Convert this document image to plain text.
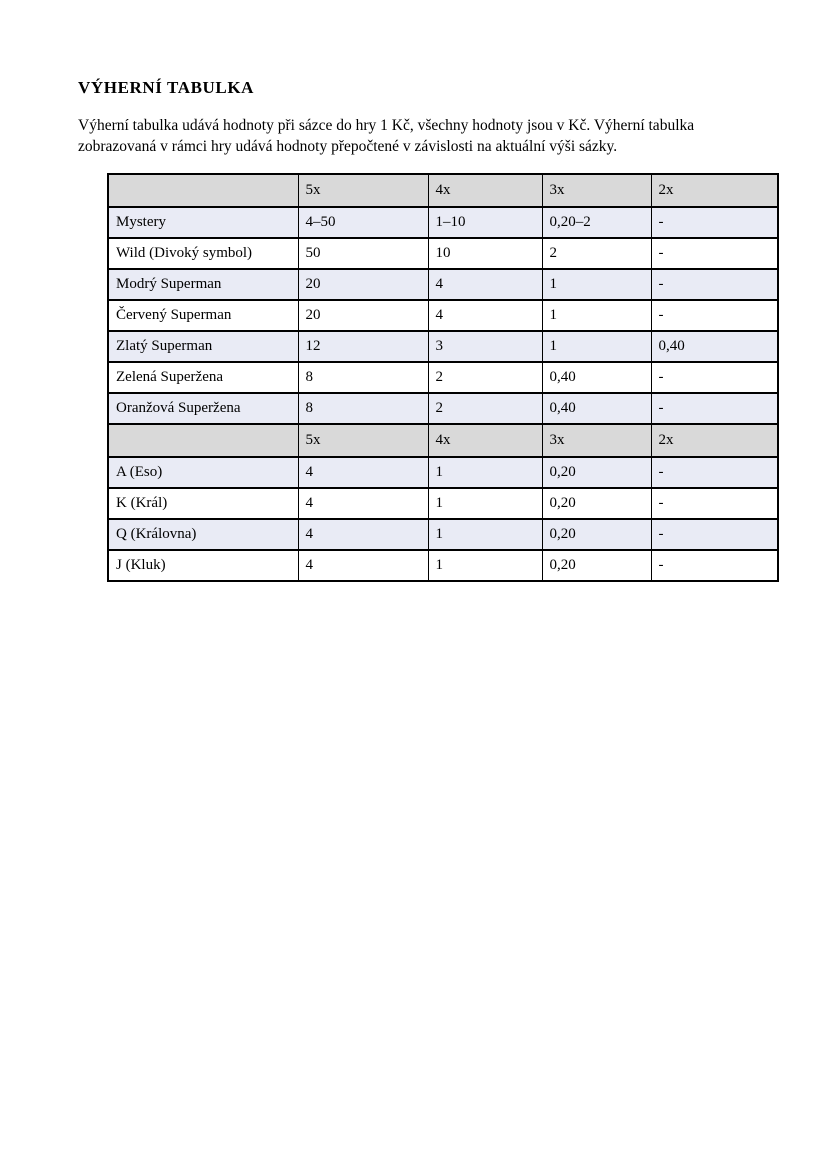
VÝHERNÍ TABULKA

Výherní tabulka udává hodnoty při sázce do hry 1 Kč, všechny hodnoty jsou v Kč. Výherní tabulka zobrazovaná v rámci hry udává hodnoty přepočtené v závislosti na aktuální výši sázky.

	5x	4x	3x	2x
Mystery	4–50	1–10	0,20–2	-
Wild (Divoký symbol)	50	10	2	-
Modrý Superman	20	4	1	-
Červený Superman	20	4	1	-
Zlatý Superman	12	3	1	0,40
Zelená Superžena	8	2	0,40	-
Oranžová Superžena	8	2	0,40	-
	5x	4x	3x	2x
A (Eso)	4	1	0,20	-
K (Král)	4	1	0,20	-
Q (Královna)	4	1	0,20	-
J (Kluk)	4	1	0,20	-
